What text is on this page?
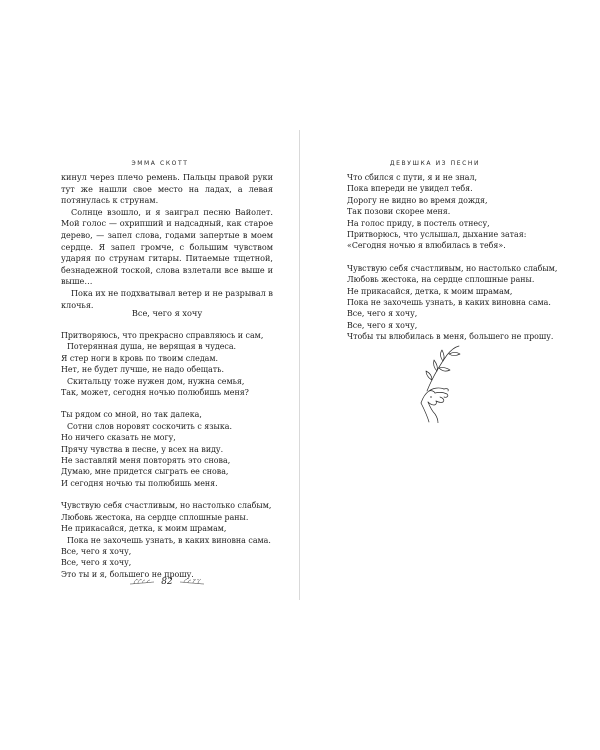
ЭММА СКОТТ

кинул через плечо ремень. Пальцы правой руки тут же нашли свое место на ладах, а левая потянулась к струнам.

Солнце взошло, и я заиграл песню Вайолет. Мой голос — охрипший и надсадный, как старое дерево, — запел слова, годами запертые в моем сердце. Я запел громче, с большим чувством ударяя по струнам гитары. Питаемые тщетной, безнадежной тоской, слова взлетали все выше и выше…

Пока их не подхватывал ветер и не разрывал в клочья.

Все, чего я хочу
Притворяюсь, что прекрасно справляюсь и сам,
Потерянная душа, не верящая в чудеса.
Я стер ноги в кровь по твоим следам.
Нет, не будет лучше, не надо обещать.
Скитальцу тоже нужен дом, нужна семья,
Так, может, сегодня ночью полюбишь меня?
Ты рядом со мной, но так далека,
Сотни слов норовят соскочить с языка.
Но ничего сказать не могу,
Прячу чувства в песне, у всех на виду.
Не заставляй меня повторять это снова,
Думаю, мне придется сыграть ее снова,
И сегодня ночью ты полюбишь меня.
Чувствую себя счастливым, но настолько слабым,
Любовь жестока, на сердце сплошные раны.
Не прикасайся, детка, к моим шрамам,
Пока не захочешь узнать, в каких виновна сама.
Все, чего я хочу,
Все, чего я хочу,
Это ты и я, большего не прошу.
82
ДЕВУШКА ИЗ ПЕСНИ
Что сбился с пути, я и не знал,
Пока впереди не увидел тебя.
Дорогу не видно во время дождя,
Так позови скорее меня.
На голос приду, в постель отнесу,
Притворюсь, что услышал, дыхание затая:
«Сегодня ночью я влюбилась в тебя».
Чувствую себя счастливым, но настолько слабым,
Любовь жестока, на сердце сплошные раны.
Не прикасайся, детка, к моим шрамам,
Пока не захочешь узнать, в каких виновна сама.
Все, чего я хочу,
Все, чего я хочу,
Чтобы ты влюбилась в меня, большего не прошу.
